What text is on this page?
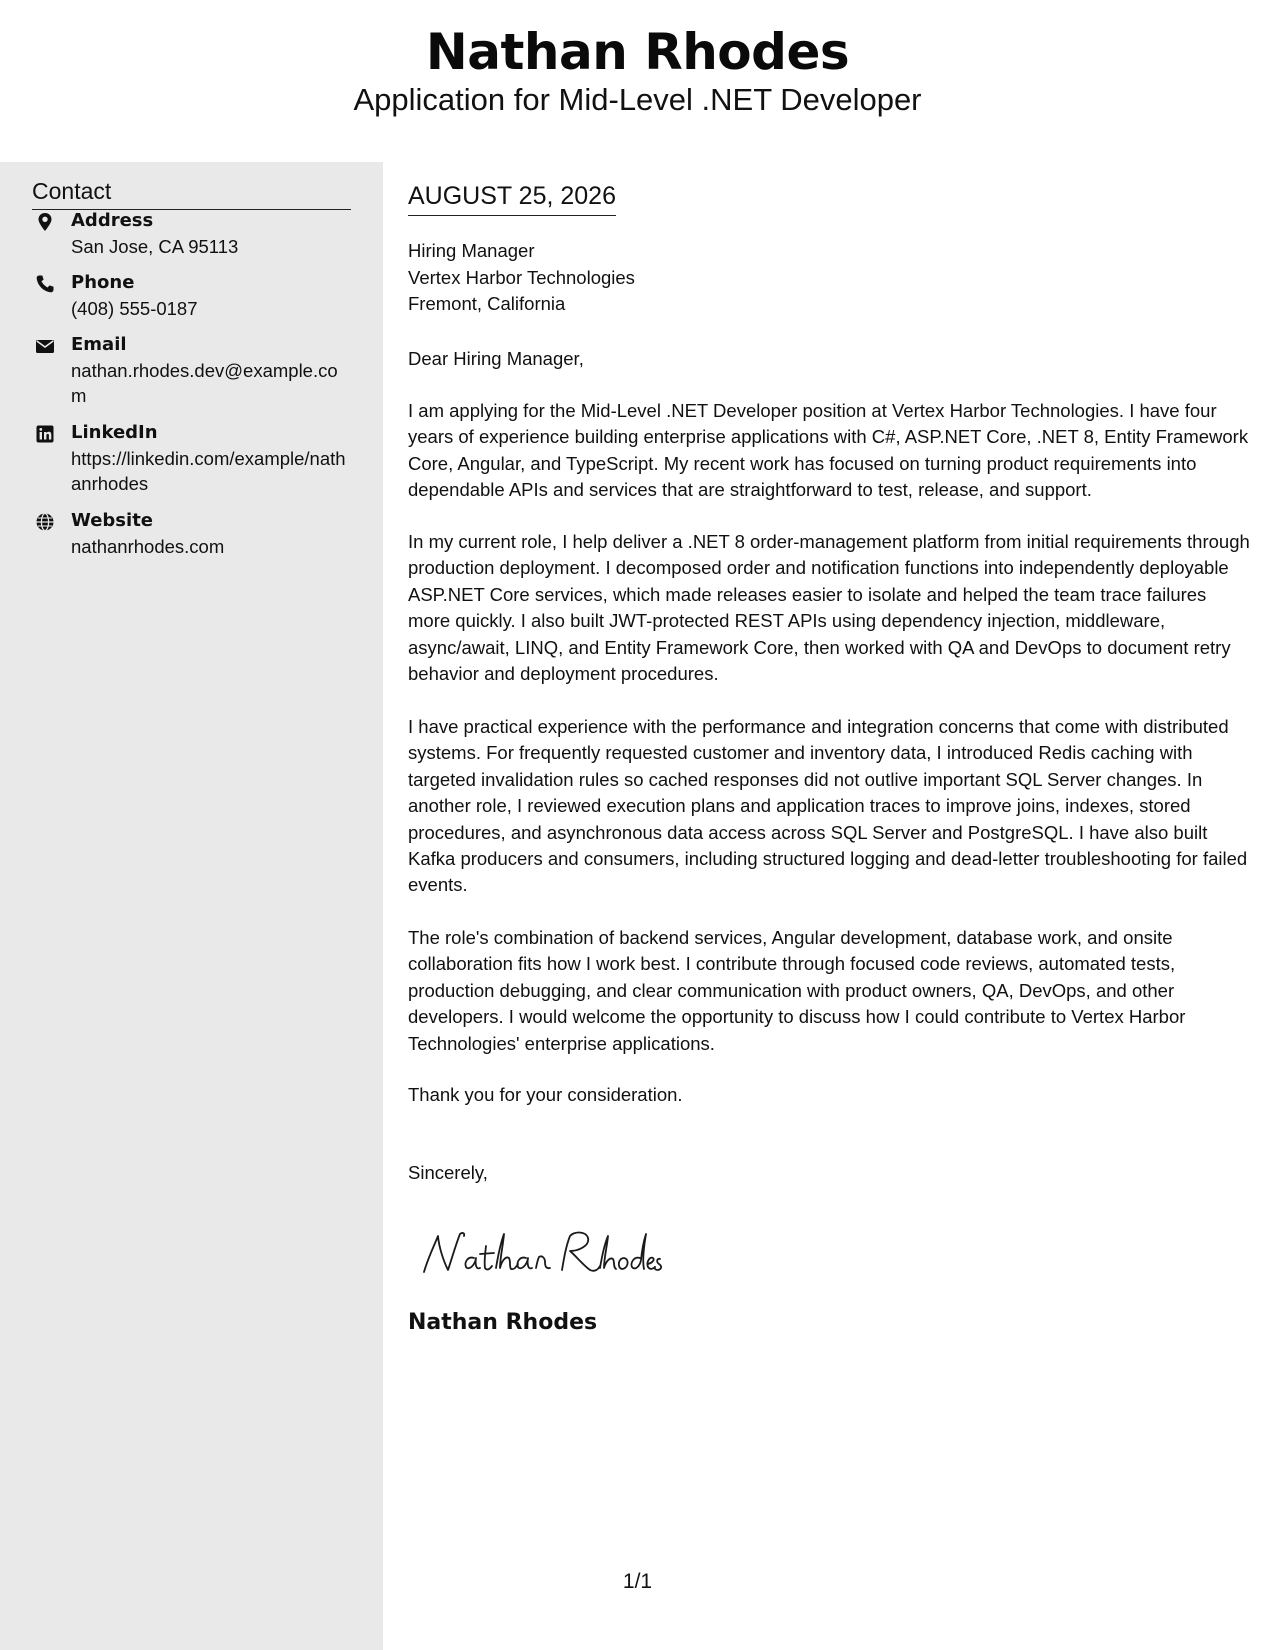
Nathan Rhodes
Application for Mid-Level .NET Developer
Contact
Address
San Jose, CA 95113
Phone
(408) 555-0187
Email
nathan.rhodes.dev@example.com
LinkedIn
https://linkedin.com/example/nathanrhodes
Website
nathanrhodes.com
AUGUST 25, 2026
Hiring Manager
Vertex Harbor Technologies
Fremont, California
Dear Hiring Manager,
I am applying for the Mid-Level .NET Developer position at Vertex Harbor Technologies. I have four years of experience building enterprise applications with C#, ASP.NET Core, .NET 8, Entity Framework Core, Angular, and TypeScript. My recent work has focused on turning product requirements into dependable APIs and services that are straightforward to test, release, and support.
In my current role, I help deliver a .NET 8 order-management platform from initial requirements through production deployment. I decomposed order and notification functions into independently deployable ASP.NET Core services, which made releases easier to isolate and helped the team trace failures more quickly. I also built JWT-protected REST APIs using dependency injection, middleware, async/await, LINQ, and Entity Framework Core, then worked with QA and DevOps to document retry behavior and deployment procedures.
I have practical experience with the performance and integration concerns that come with distributed systems. For frequently requested customer and inventory data, I introduced Redis caching with targeted invalidation rules so cached responses did not outlive important SQL Server changes. In another role, I reviewed execution plans and application traces to improve joins, indexes, stored procedures, and asynchronous data access across SQL Server and PostgreSQL. I have also built Kafka producers and consumers, including structured logging and dead-letter troubleshooting for failed events.
The role's combination of backend services, Angular development, database work, and onsite collaboration fits how I work best. I contribute through focused code reviews, automated tests, production debugging, and clear communication with product owners, QA, DevOps, and other developers. I would welcome the opportunity to discuss how I could contribute to Vertex Harbor Technologies' enterprise applications.
Thank you for your consideration.
Sincerely,
Nathan Rhodes
1/1
